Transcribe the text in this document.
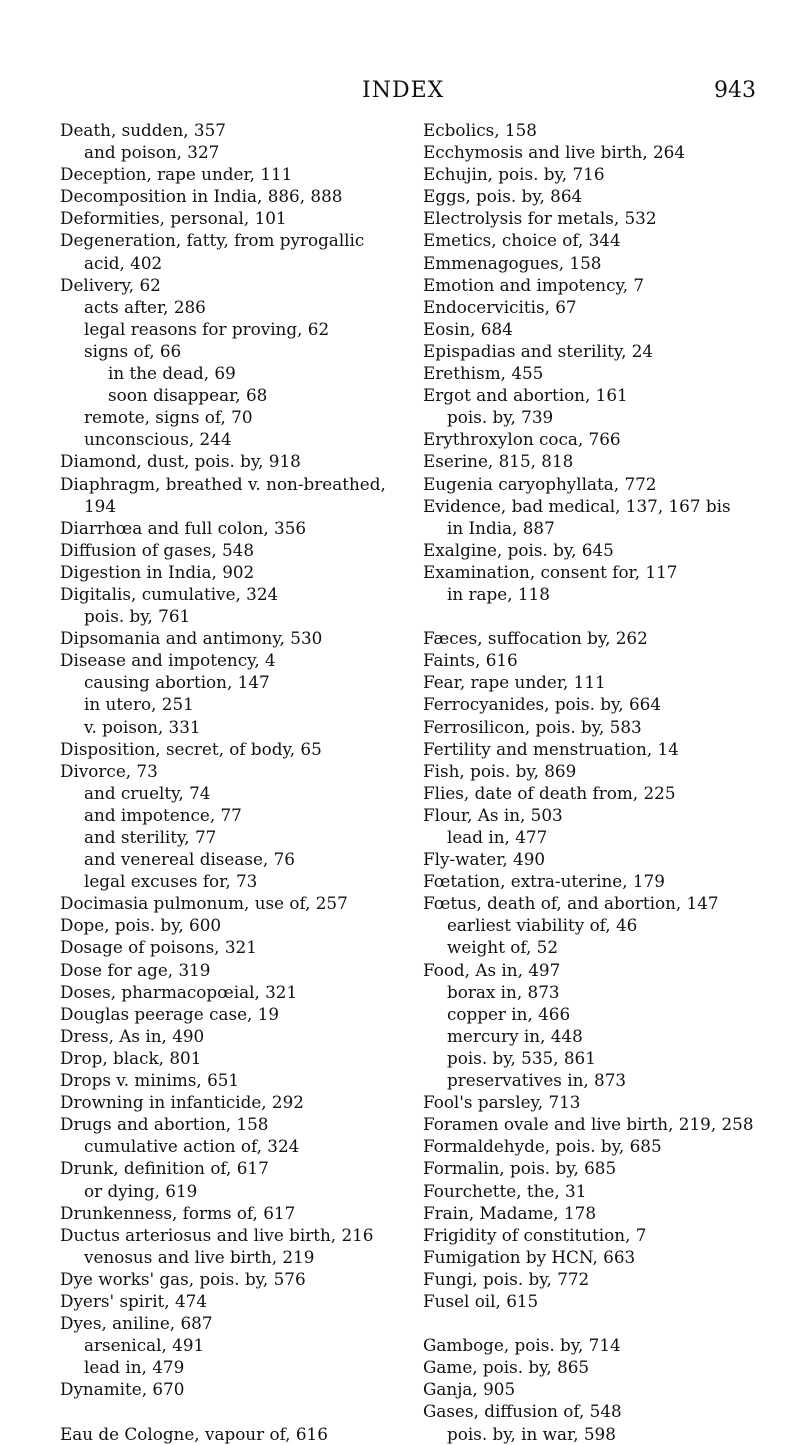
INDEX	943
Death, sudden, 357
and poison, 327
Deception, rape under, 111
Decomposition in India, 886, 888
Deformities, personal, 101
Degeneration, fatty, from pyrogallic
acid, 402
Delivery, 62
acts after, 286
legal reasons for proving, 62
signs of, 66
in the dead, 69
soon disappear, 68
remote, signs of, 70
unconscious, 244
Diamond, dust, pois. by, 918
Diaphragm, breathed v. non-breathed,
194
Diarrhœa and full colon, 356
Diffusion of gases, 548
Digestion in India, 902
Digitalis, cumulative, 324
pois. by, 761
Dipsomania and antimony, 530
Disease and impotency, 4
causing abortion, 147
in utero, 251
v. poison, 331
Disposition, secret, of body, 65
Divorce, 73
and cruelty, 74
and impotence, 77
and sterility, 77
and venereal disease, 76
legal excuses for, 73
Docimasia pulmonum, use of, 257
Dope, pois. by, 600
Dosage of poisons, 321
Dose for age, 319
Doses, pharmacopœial, 321
Douglas peerage case, 19
Dress, As in, 490
Drop, black, 801
Drops v. minims, 651
Drowning in infanticide, 292
Drugs and abortion, 158
cumulative action of, 324
Drunk, definition of, 617
or dying, 619
Drunkenness, forms of, 617
Ductus arteriosus and live birth, 216
venosus and live birth, 219
Dye works' gas, pois. by, 576
Dyers' spirit, 474
Dyes, aniline, 687
arsenical, 491
lead in, 479
Dynamite, 670
Eau de Cologne, vapour of, 616
Ecbolics, 158
Ecchymosis and live birth, 264
Echujin, pois. by, 716
Eggs, pois. by, 864
Electrolysis for metals, 532
Emetics, choice of, 344
Emmenagogues, 158
Emotion and impotency, 7
Endocervicitis, 67
Eosin, 684
Epispadias and sterility, 24
Erethism, 455
Ergot and abortion, 161
pois. by, 739
Erythroxylon coca, 766
Eserine, 815, 818
Eugenia caryophyllata, 772
Evidence, bad medical, 137, 167 bis
in India, 887
Exalgine, pois. by, 645
Examination, consent for, 117
in rape, 118
Fæces, suffocation by, 262
Faints, 616
Fear, rape under, 111
Ferrocyanides, pois. by, 664
Ferrosilicon, pois. by, 583
Fertility and menstruation, 14
Fish, pois. by, 869
Flies, date of death from, 225
Flour, As in, 503
lead in, 477
Fly-water, 490
Fœtation, extra-uterine, 179
Fœtus, death of, and abortion, 147
earliest viability of, 46
weight of, 52
Food, As in, 497
borax in, 873
copper in, 466
mercury in, 448
pois. by, 535, 861
preservatives in, 873
Fool's parsley, 713
Foramen ovale and live birth, 219, 258
Formaldehyde, pois. by, 685
Formalin, pois. by, 685
Fourchette, the, 31
Frain, Madame, 178
Frigidity of constitution, 7
Fumigation by HCN, 663
Fungi, pois. by, 772
Fusel oil, 615
Gamboge, pois. by, 714
Game, pois. by, 865
Ganja, 905
Gases, diffusion of, 548
pois. by, in war, 598
